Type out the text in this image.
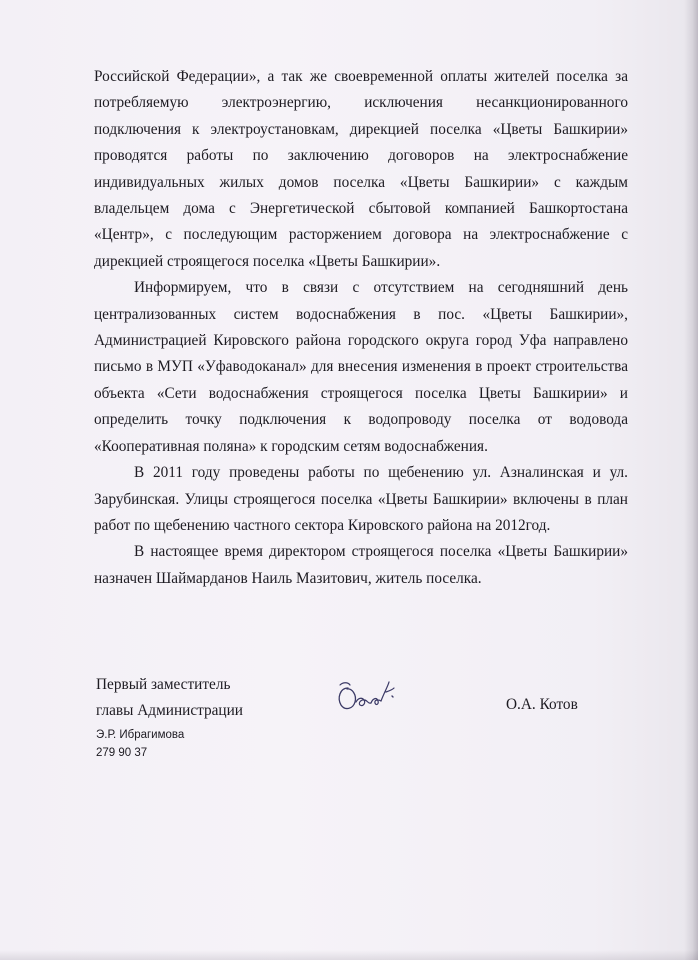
Российской Федерации», а так же своевременной оплаты жителей поселка за потребляемую электроэнергию, исключения несанкционированного подключения к электроустановкам, дирекцией поселка «Цветы Башкирии» проводятся работы по заключению договоров на электроснабжение индивидуальных жилых домов поселка «Цветы Башкирии» с каждым владельцем дома с Энергетической сбытовой компанией Башкортостана «Центр», с последующим расторжением договора на электроснабжение с дирекцией строящегося поселка «Цветы Башкирии».

Информируем, что в связи с отсутствием на сегодняшний день централизованных систем водоснабжения в пос. «Цветы Башкирии», Администрацией Кировского района городского округа город Уфа направлено письмо в МУП «Уфаводоканал» для внесения изменения в проект строительства объекта «Сети водоснабжения строящегося поселка Цветы Башкирии» и определить точку подключения к водопроводу поселка от водовода «Кооперативная поляна» к городским сетям водоснабжения.

В 2011 году проведены работы по щебенению ул. Азналинская и ул. Зарубинская. Улицы строящегося поселка «Цветы Башкирии» включены в план работ по щебенению частного сектора Кировского района на 2012год.

В настоящее время директором строящегося поселка «Цветы Башкирии» назначен Шаймарданов Наиль Мазитович, житель поселка.

Первый заместитель
главы Администрации	О.А. Котов
Э.Р. Ибрагимова
279 90 37
